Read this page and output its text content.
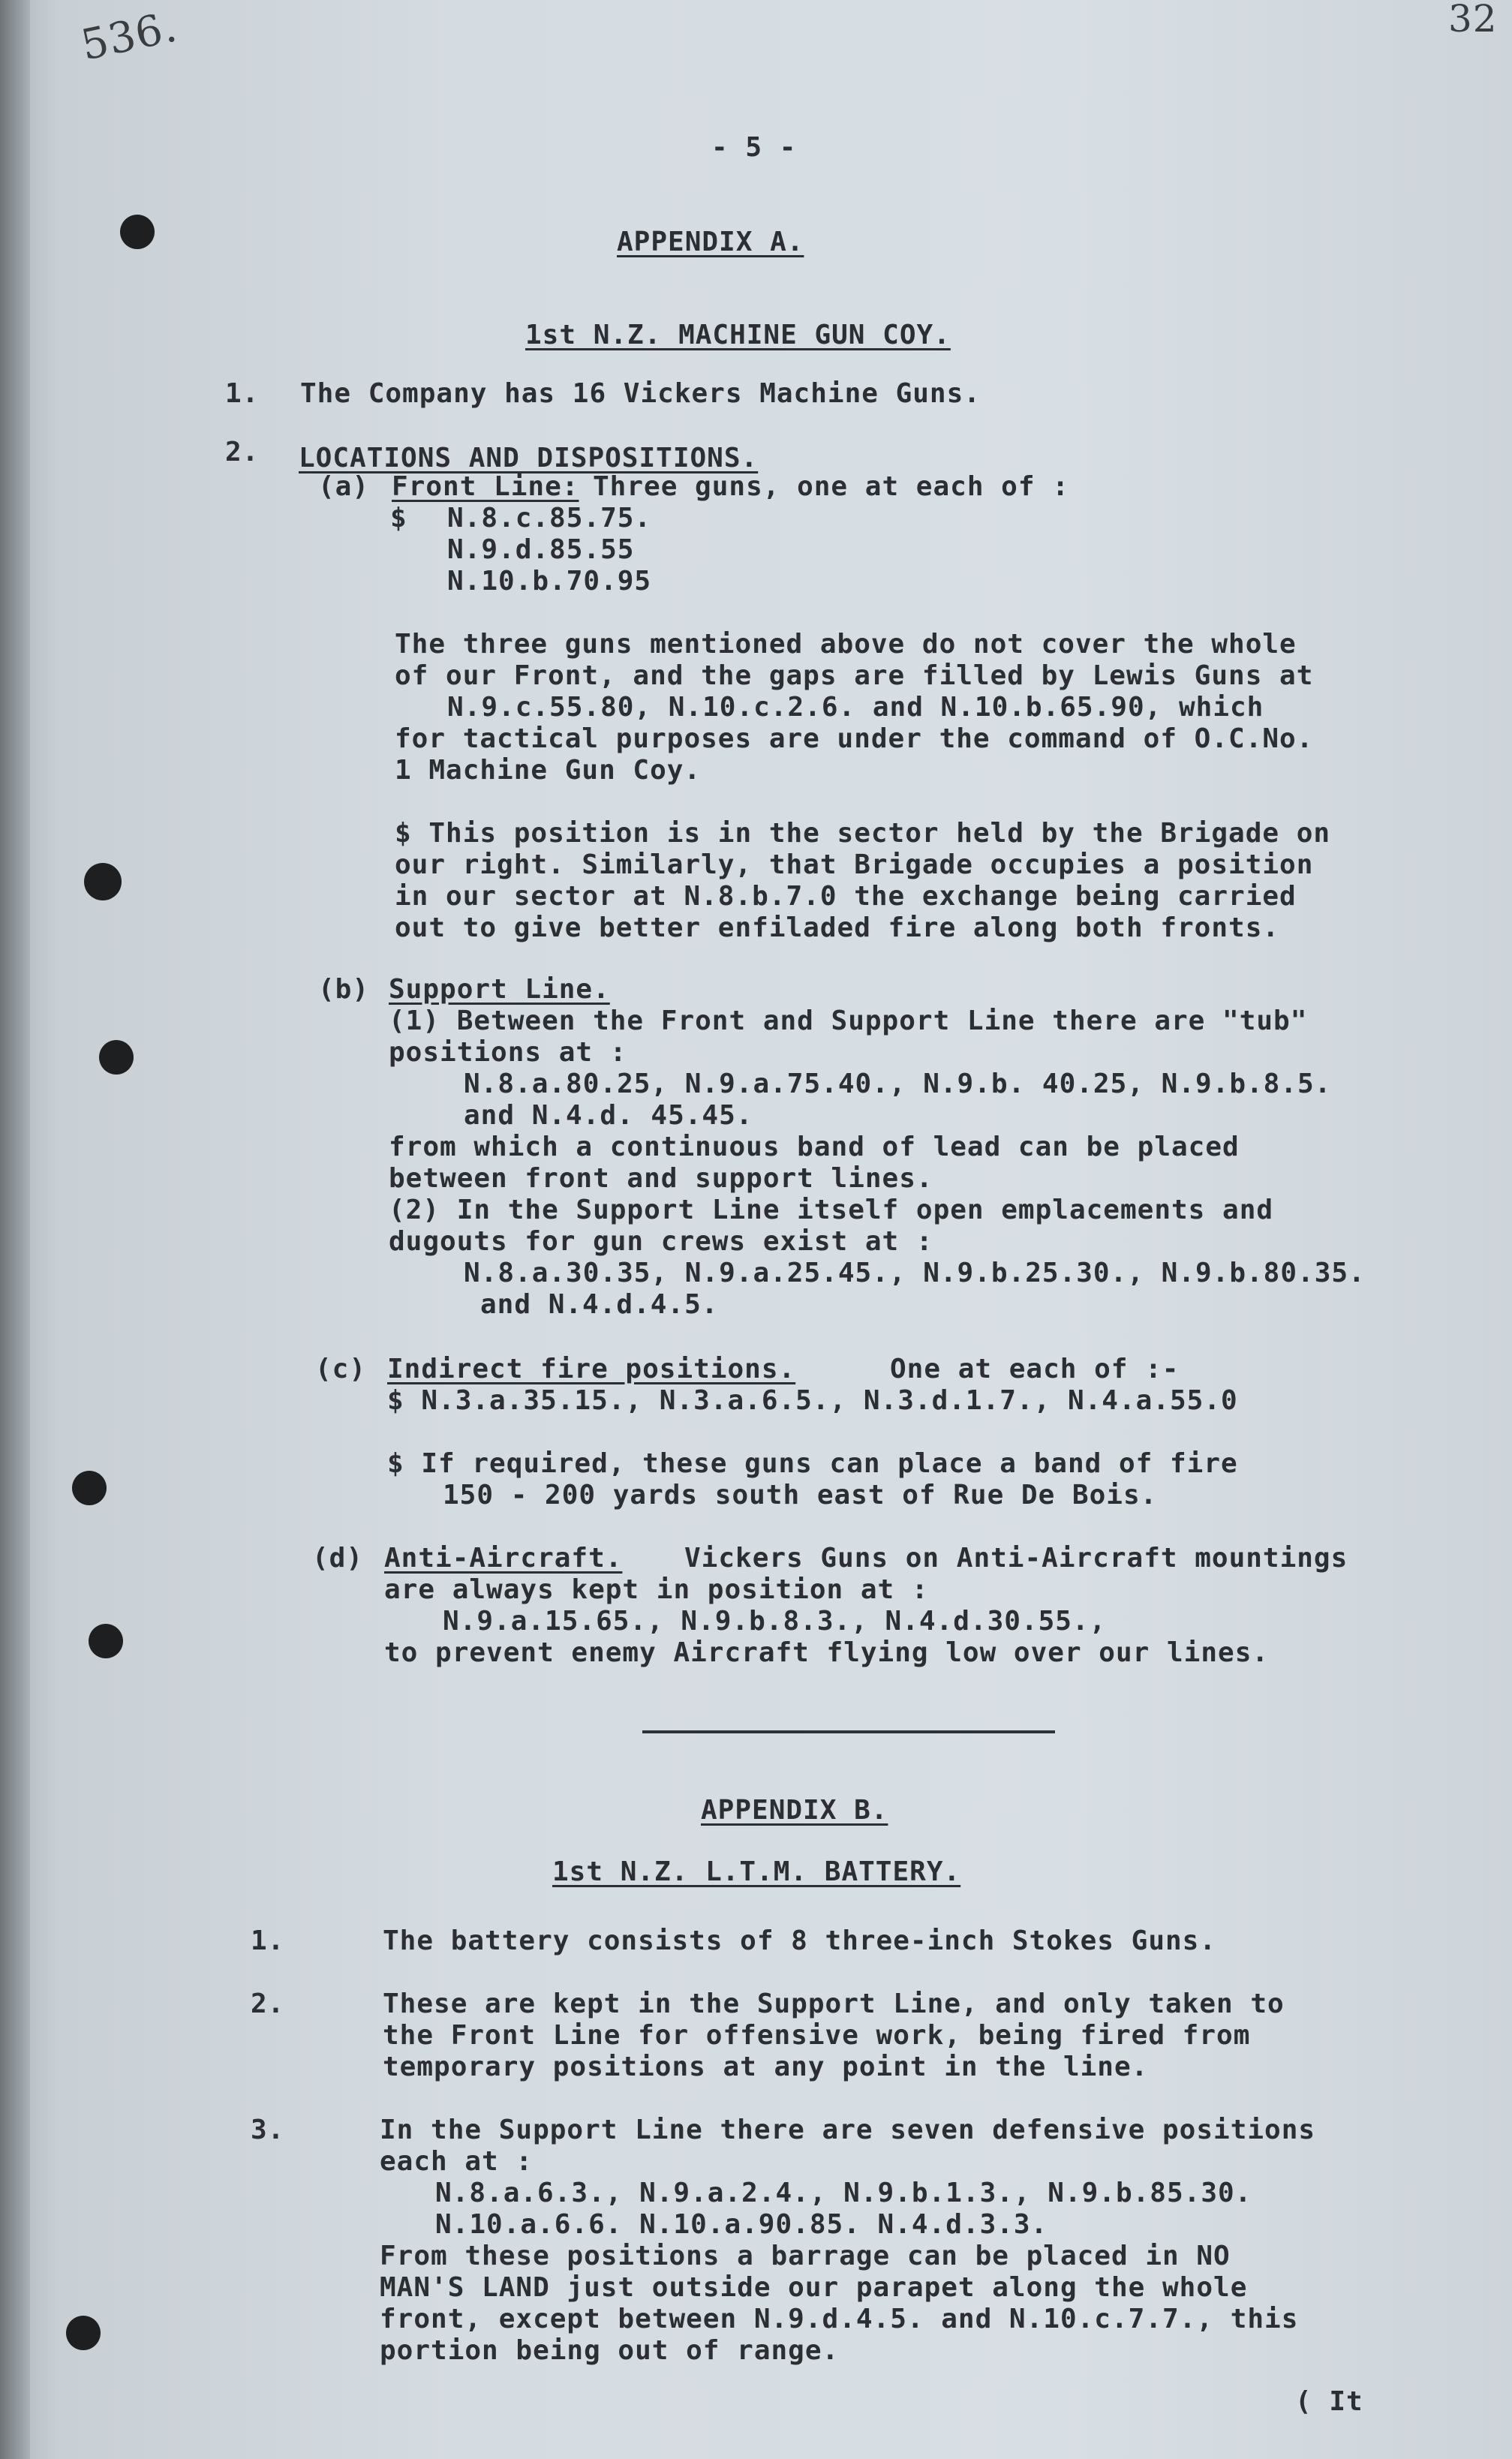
536.	32
- 5 -
APPENDIX A.
1st N.Z. MACHINE GUN COY.
1. The Company has 16 Vickers Machine Guns.
2. LOCATIONS AND DISPOSITIONS.
(a) Front Line: Three guns, one at each of :
$ N.8.c.85.75.
N.9.d.85.55
N.10.b.70.95
The three guns mentioned above do not cover the whole
of our Front, and the gaps are filled by Lewis Guns at
N.9.c.55.80, N.10.c.2.6. and N.10.b.65.90, which
for tactical purposes are under the command of O.C.No.
1 Machine Gun Coy.
$ This position is in the sector held by the Brigade on
our right. Similarly, that Brigade occupies a position
in our sector at N.8.b.7.0 the exchange being carried
out to give better enfiladed fire along both fronts.
(b) Support Line.
(1) Between the Front and Support Line there are "tub"
positions at :
N.8.a.80.25, N.9.a.75.40., N.9.b. 40.25, N.9.b.8.5.
and N.4.d. 45.45.
from which a continuous band of lead can be placed
between front and support lines.
(2) In the Support Line itself open emplacements and
dugouts for gun crews exist at :
N.8.a.30.35, N.9.a.25.45., N.9.b.25.30., N.9.b.80.35.
and N.4.d.4.5.
(c) Indirect fire positions.	One at each of :-
$ N.3.a.35.15., N.3.a.6.5., N.3.d.1.7., N.4.a.55.0
$ If required, these guns can place a band of fire
150 - 200 yards south east of Rue De Bois.
(d) Anti-Aircraft. Vickers Guns on Anti-Aircraft mountings
are always kept in position at :
N.9.a.15.65., N.9.b.8.3., N.4.d.30.55.,
to prevent enemy Aircraft flying low over our lines.
APPENDIX B.
1st N.Z. L.T.M. BATTERY.
1.	The battery consists of 8 three-inch Stokes Guns.
2.	These are kept in the Support Line, and only taken to
the Front Line for offensive work, being fired from
temporary positions at any point in the line.
3.	In the Support Line there are seven defensive positions
each at :
N.8.a.6.3., N.9.a.2.4., N.9.b.1.3., N.9.b.85.30.
N.10.a.6.6. N.10.a.90.85. N.4.d.3.3.
From these positions a barrage can be placed in NO
MAN'S LAND just outside our parapet along the whole
front, except between N.9.d.4.5. and N.10.c.7.7., this
portion being out of range.
( It
